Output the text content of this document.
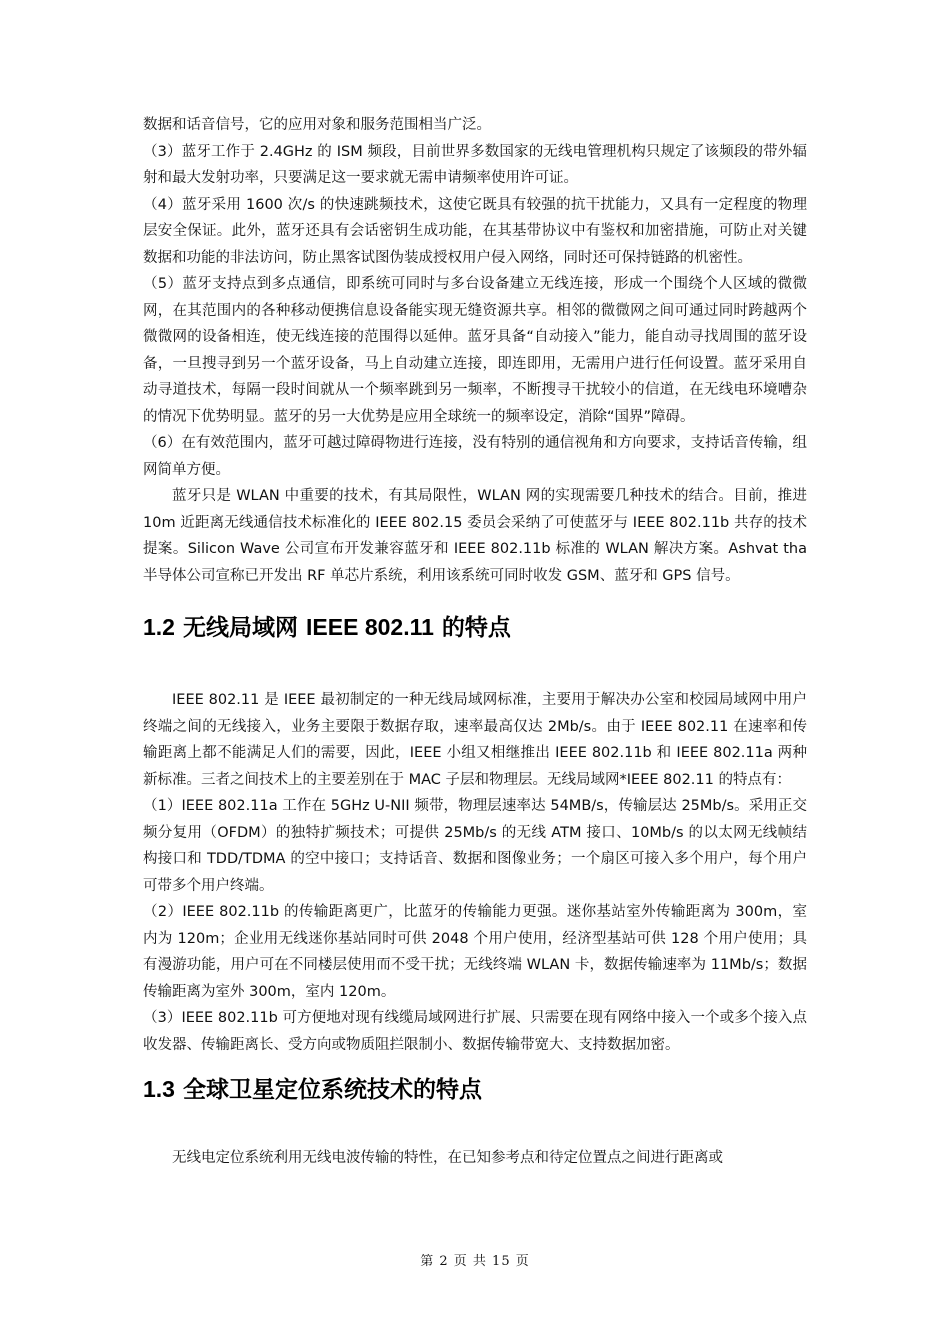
数据和话音信号，它的应用对象和服务范围相当广泛。

（3）蓝牙工作于 2.4GHz 的 ISM 频段，目前世界多数国家的无线电管理机构只规定了该频段的带外辐射和最大发射功率，只要满足这一要求就无需申请频率使用许可证。

（4）蓝牙采用 1600 次/s 的快速跳频技术，这使它既具有较强的抗干扰能力，又具有一定程度的物理层安全保证。此外，蓝牙还具有会话密钥生成功能，在其基带协议中有鉴权和加密措施，可防止对关键数据和功能的非法访问，防止黑客试图伪装成授权用户侵入网络，同时还可保持链路的机密性。

（5）蓝牙支持点到多点通信，即系统可同时与多台设备建立无线连接，形成一个围绕个人区域的微微网，在其范围内的各种移动便携信息设备能实现无缝资源共享。相邻的微微网之间可通过同时跨越两个微微网的设备相连，使无线连接的范围得以延伸。蓝牙具备“自动接入”能力，能自动寻找周围的蓝牙设备，一旦搜寻到另一个蓝牙设备，马上自动建立连接，即连即用，无需用户进行任何设置。蓝牙采用自动寻道技术，每隔一段时间就从一个频率跳到另一频率，不断搜寻干扰较小的信道，在无线电环境嘈杂的情况下优势明显。蓝牙的另一大优势是应用全球统一的频率设定，消除“国界”障碍。

（6）在有效范围内，蓝牙可越过障碍物进行连接，没有特别的通信视角和方向要求，支持话音传输，组网简单方便。

蓝牙只是 WLAN 中重要的技术，有其局限性，WLAN 网的实现需要几种技术的结合。目前，推进 10m 近距离无线通信技术标准化的 IEEE 802.15 委员会采纳了可使蓝牙与 IEEE 802.11b 共存的技术提案。Silicon Wave 公司宣布开发兼容蓝牙和 IEEE 802.11b 标准的 WLAN 解决方案。Ashvat tha 半导体公司宣称已开发出 RF 单芯片系统，利用该系统可同时收发 GSM、蓝牙和 GPS 信号。

1.2 无线局域网 IEEE 802.11 的特点

IEEE 802.11 是 IEEE 最初制定的一种无线局域网标准，主要用于解决办公室和校园局域网中用户终端之间的无线接入，业务主要限于数据存取，速率最高仅达 2Mb/s。由于 IEEE 802.11 在速率和传输距离上都不能满足人们的需要，因此，IEEE 小组又相继推出 IEEE 802.11b 和 IEEE 802.11a 两种新标准。三者之间技术上的主要差别在于 MAC 子层和物理层。无线局域网*IEEE 802.11 的特点有：

（1）IEEE 802.11a 工作在 5GHz U-NII 频带，物理层速率达 54MB/s，传输层达 25Mb/s。采用正交频分复用（OFDM）的独特扩频技术；可提供 25Mb/s 的无线 ATM 接口、10Mb/s 的以太网无线帧结构接口和 TDD/TDMA 的空中接口；支持话音、数据和图像业务；一个扇区可接入多个用户，每个用户可带多个用户终端。

（2）IEEE 802.11b 的传输距离更广，比蓝牙的传输能力更强。迷你基站室外传输距离为 300m，室内为 120m；企业用无线迷你基站同时可供 2048 个用户使用，经济型基站可供 128 个用户使用；具有漫游功能，用户可在不同楼层使用而不受干扰；无线终端 WLAN 卡，数据传输速率为 11Mb/s；数据传输距离为室外 300m，室内 120m。

（3）IEEE 802.11b 可方便地对现有线缆局域网进行扩展、只需要在现有网络中接入一个或多个接入点收发器、传输距离长、受方向或物质阻拦限制小、数据传输带宽大、支持数据加密。

1.3 全球卫星定位系统技术的特点

无线电定位系统利用无线电波传输的特性，在已知参考点和待定位置点之间进行距离或

第 2 页 共 15 页
